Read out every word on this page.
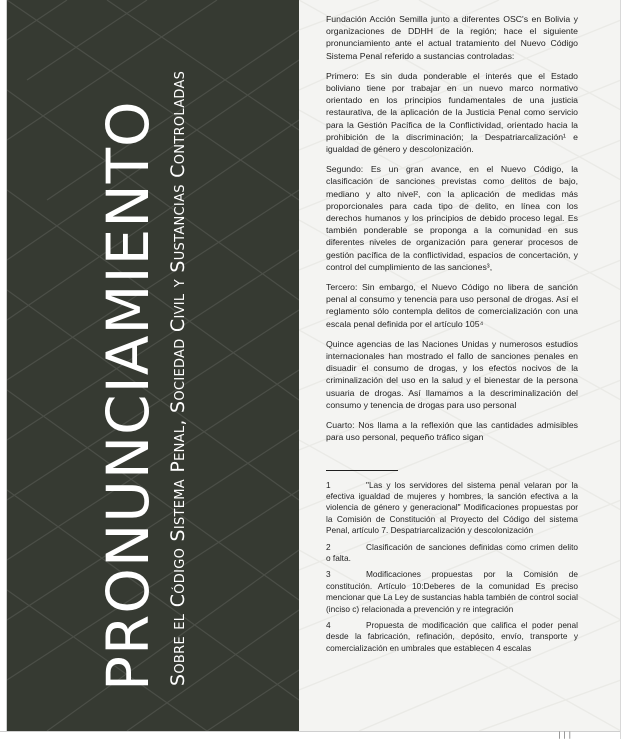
PRONUNCIAMIENTO Sobre el Código Sistema Penal, Sociedad Civil y Sustancias Controladas

Fundación Acción Semilla junto a diferentes OSC's en Bolivia y organizaciones de DDHH de la región; hace el siguiente pronunciamiento ante el actual tratamiento del Nuevo Código Sistema Penal referido a sustancias controladas:

Primero: Es sin duda ponderable el interés que el Estado boliviano tiene por trabajar en un nuevo marco normativo orientado en los principios fundamentales de una justicia restaurativa, de la aplicación de la Justicia Penal como servicio para la Gestión Pacífica de la Conflictividad, orientado hacia la prohibición de la discriminación; la Despatriarcalización¹ e igualdad de género y descolonización.

Segundo: Es un gran avance, en el Nuevo Código, la clasificación de sanciones previstas como delitos de bajo, mediano y alto nivel², con la aplicación de medidas más proporcionales para cada tipo de delito, en línea con los derechos humanos y los principios de debido proceso legal. Es también ponderable se proponga a la comunidad en sus diferentes niveles de organización para generar procesos de gestión pacífica de la conflictividad, espacios de concertación, y control del cumplimiento de las sanciones³,

Tercero: Sin embargo, el Nuevo Código no libera de sanción penal al consumo y tenencia para uso personal de drogas. Así el reglamento sólo contempla delitos de comercialización con una escala penal definida por el artículo 105⁴

Quince agencias de las Naciones Unidas y numerosos estudios internacionales han mostrado el fallo de sanciones penales en disuadir el consumo de drogas, y los efectos nocivos de la criminalización del uso en la salud y el bienestar de la persona usuaria de drogas. Así llamamos a la descriminalización del consumo y tenencia de drogas para uso personal

Cuarto: Nos llama a la reflexión que las cantidades admisibles para uso personal, pequeño tráfico sigan

1	"Las y los servidores del sistema penal velaran por la efectiva igualdad de mujeres y hombres, la sanción efectiva a la violencia de género y generacional" Modificaciones propuestas por la Comisión de Constitución al Proyecto del Código del sistema Penal, artículo 7. Despatriarcalización y descolonización
2	Clasificación de sanciones definidas como crimen delito o falta.
3	Modificaciones propuestas por la Comisión de constitución. Artículo 10:Deberes de la comunidad Es preciso mencionar que La Ley de sustancias habla también de control social (inciso c) relacionada a prevención y re integración
4	Propuesta de modificación que califica el poder penal desde la fabricación, refinación, depósito, envío, transporte y comercialización en umbrales que establecen 4 escalas
|||
